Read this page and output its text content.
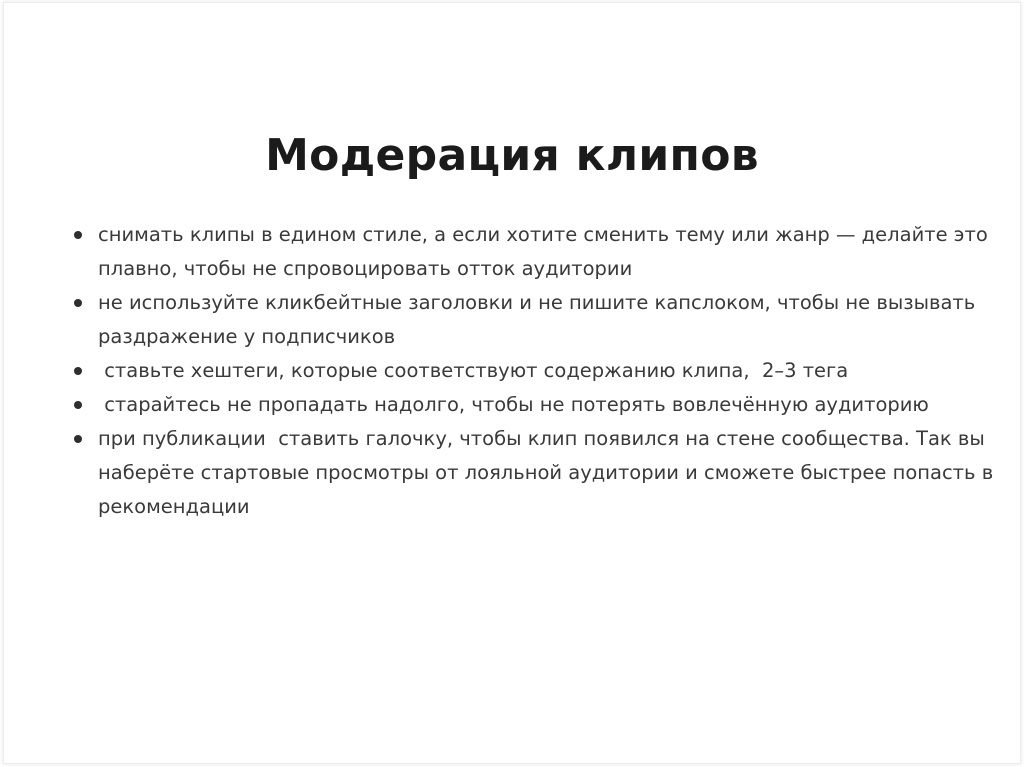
Модерация клипов
снимать клипы в едином стиле, а если хотите сменить тему или жанр — делайте это плавно, чтобы не спровоцировать отток аудитории
не используйте кликбейтные заголовки и не пишите капслоком, чтобы не вызывать раздражение у подписчиков
ставьте хештеги, которые соответствуют содержанию клипа,  2–3 тега
старайтесь не пропадать надолго, чтобы не потерять вовлечённую аудиторию
при публикации  ставить галочку, чтобы клип появился на стене сообщества. Так вы наберёте стартовые просмотры от лояльной аудитории и сможете быстрее попасть в рекомендации
